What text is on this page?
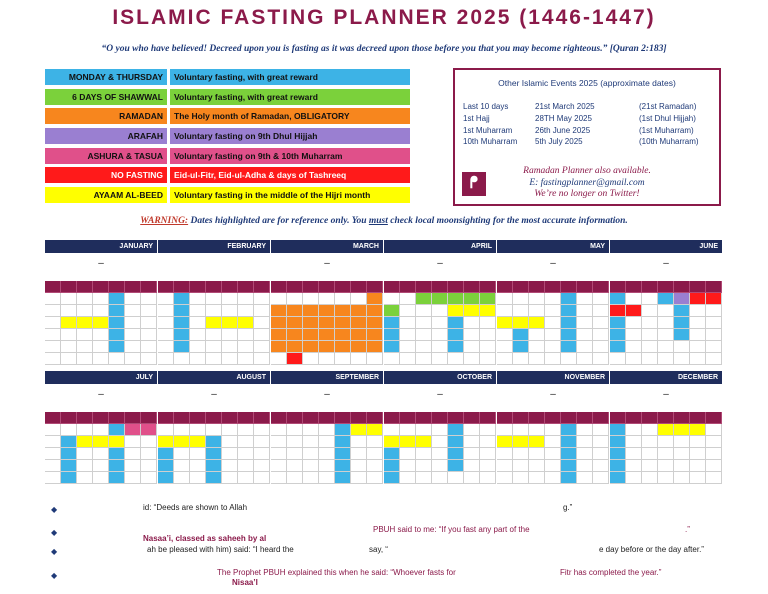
ISLAMIC FASTING PLANNER 2025 (1446-1447)
“O you who have believed! Decreed upon you is fasting as it was decreed upon those before you that you may become righteous.” [Quran 2:183]
MONDAY & THURSDAY	Voluntary fasting, with great reward
6 DAYS OF SHAWWAL	Voluntary fasting, with great reward
RAMADAN	The Holy month of Ramadan, OBLIGATORY
ARAFAH	Voluntary fasting on 9th Dhul Hijjah
ASHURA & TASUA	Voluntary fasting on 9th & 10th Muharram
NO FASTING	Eid-ul-Fitr, Eid-ul-Adha & days of Tashreeq
AYAAM AL-BEED	Voluntary fasting in the middle of the Hijri month
Other Islamic Events 2025 (approximate dates)
Last 10 days	21st March 2025	(21st Ramadan)
1st Hajj	28TH May 2025	(1st Dhul Hijjah)
1st Muharram	26th June 2025	(1st Muharram)
10th Muharram 5th July 2025	(10th Muharram)
Ramadan Planner also available.
E: fastingplanner@gmail.com
We’re no longer on Twitter!
ᖰ
WARNING: Dates highlighted are for reference only. You must check local moonsighting for the most accurate information.
JANUARY
–
FEBRUARY	MARCH
–
APRIL
–
MAY
–
JUNE
–
JULY
–
AUGUST
–
SEPTEMBER
–
OCTOBER
–
NOVEMBER
–
DECEMBER
–
◆	id: “Deeds are shown to Allah	g.”
◆	PBUH said to me: “If you fast any part of the	.”
Nasaa’i, classed as saheeh by al
◆	ah be pleased with him) said: “I heard the	say, “	e day before or the day after.”
◆	The Prophet PBUH explained this when he said: “Whoever fasts for	Fitr has completed the year.”
Nisaa’I
